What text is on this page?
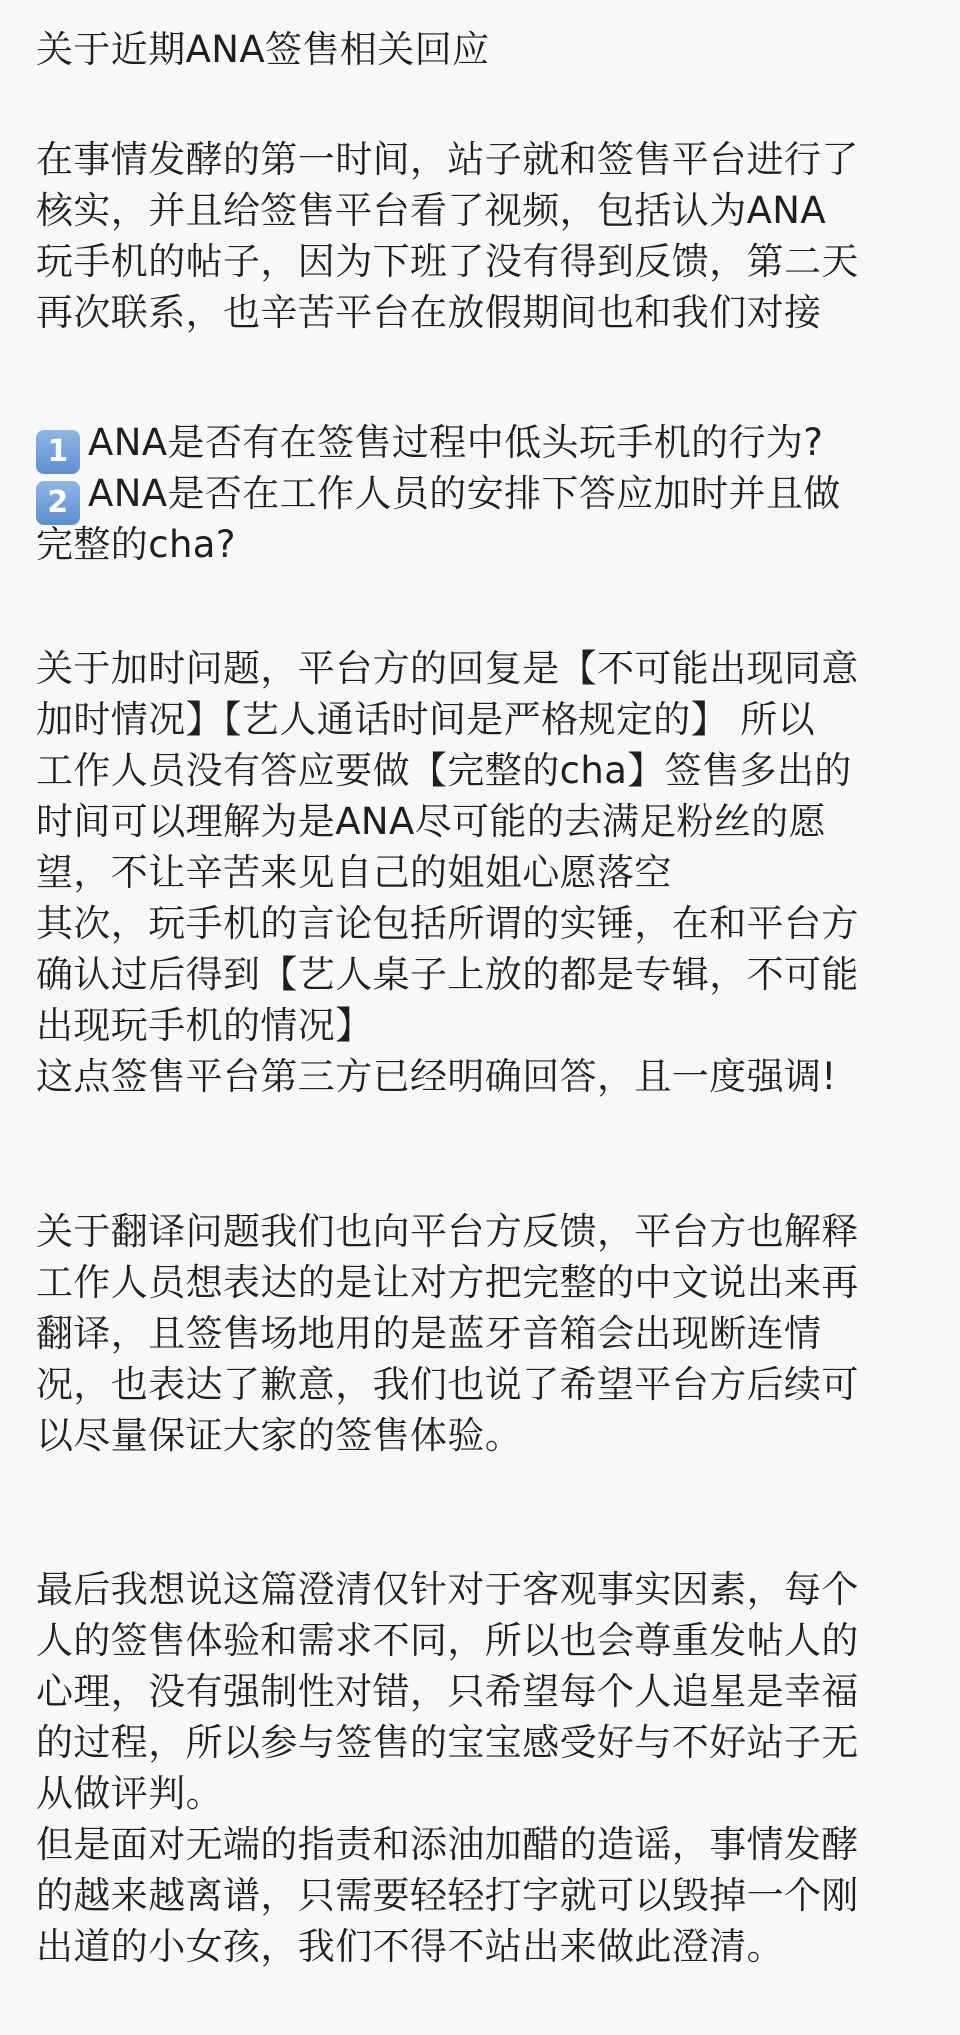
关于近期ANA签售相关回应
在事情发酵的第一时间，站子就和签售平台进行了
核实，并且给签售平台看了视频，包括认为ANA
玩手机的帖子，因为下班了没有得到反馈，第二天
再次联系，也辛苦平台在放假期间也和我们对接
1 ANA是否有在签售过程中低头玩手机的行为?
2 ANA是否在工作人员的安排下答应加时并且做
完整的cha?
关于加时问题，平台方的回复是【不可能出现同意
加时情况】【艺人通话时间是严格规定的】 所以
工作人员没有答应要做【完整的cha】签售多出的
时间可以理解为是ANA尽可能的去满足粉丝的愿
望，不让辛苦来见自己的姐姐心愿落空
其次，玩手机的言论包括所谓的实锤，在和平台方
确认过后得到【艺人桌子上放的都是专辑，不可能
出现玩手机的情况】
这点签售平台第三方已经明确回答，且一度强调!
关于翻译问题我们也向平台方反馈，平台方也解释
工作人员想表达的是让对方把完整的中文说出来再
翻译，且签售场地用的是蓝牙音箱会出现断连情
况，也表达了歉意，我们也说了希望平台方后续可
以尽量保证大家的签售体验。
最后我想说这篇澄清仅针对于客观事实因素，每个
人的签售体验和需求不同，所以也会尊重发帖人的
心理，没有强制性对错，只希望每个人追星是幸福
的过程，所以参与签售的宝宝感受好与不好站子无
从做评判。
但是面对无端的指责和添油加醋的造谣，事情发酵
的越来越离谱，只需要轻轻打字就可以毁掉一个刚
出道的小女孩，我们不得不站出来做此澄清。
